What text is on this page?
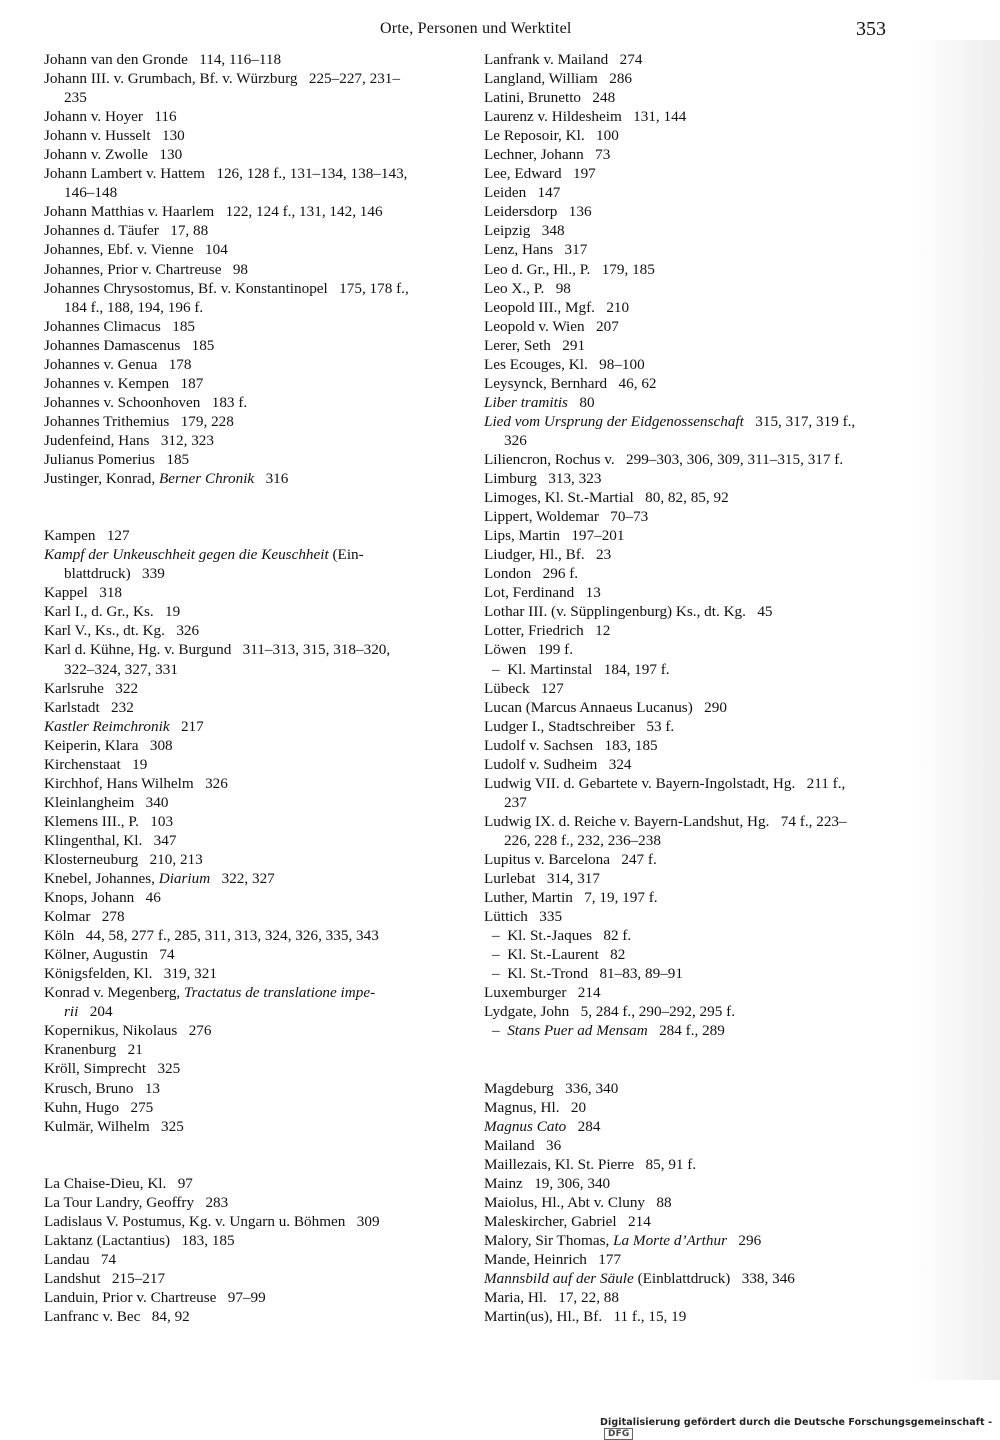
Orte, Personen und Werktitel	353
Johann van den Gronde   114, 116–118
Johann III. v. Grumbach, Bf. v. Würzburg   225–227, 231–
235
Johann v. Hoyer   116
Johann v. Husselt   130
Johann v. Zwolle   130
Johann Lambert v. Hattem   126, 128 f., 131–134, 138–143,
146–148
Johann Matthias v. Haarlem   122, 124 f., 131, 142, 146
Johannes d. Täufer   17, 88
Johannes, Ebf. v. Vienne   104
Johannes, Prior v. Chartreuse   98
Johannes Chrysostomus, Bf. v. Konstantinopel   175, 178 f.,
184 f., 188, 194, 196 f.
Johannes Climacus   185
Johannes Damascenus   185
Johannes v. Genua   178
Johannes v. Kempen   187
Johannes v. Schoonhoven   183 f.
Johannes Trithemius   179, 228
Judenfeind, Hans   312, 323
Julianus Pomerius   185
Justinger, Konrad, Berner Chronik   316
Kampen   127
Kampf der Unkeuschheit gegen die Keuschheit (Ein-
blattdruck)   339
Kappel   318
Karl I., d. Gr., Ks.   19
Karl V., Ks., dt. Kg.   326
Karl d. Kühne, Hg. v. Burgund   311–313, 315, 318–320,
322–324, 327, 331
Karlsruhe   322
Karlstadt   232
Kastler Reimchronik   217
Keiperin, Klara   308
Kirchenstaat   19
Kirchhof, Hans Wilhelm   326
Kleinlangheim   340
Klemens III., P.   103
Klingenthal, Kl.   347
Klosterneuburg   210, 213
Knebel, Johannes, Diarium   322, 327
Knops, Johann   46
Kolmar   278
Köln   44, 58, 277 f., 285, 311, 313, 324, 326, 335, 343
Kölner, Augustin   74
Königsfelden, Kl.   319, 321
Konrad v. Megenberg, Tractatus de translatione impe-
rii   204
Kopernikus, Nikolaus   276
Kranenburg   21
Kröll, Simprecht   325
Krusch, Bruno   13
Kuhn, Hugo   275
Kulmär, Wilhelm   325
La Chaise-Dieu, Kl.   97
La Tour Landry, Geoffry   283
Ladislaus V. Postumus, Kg. v. Ungarn u. Böhmen   309
Laktanz (Lactantius)   183, 185
Landau   74
Landshut   215–217
Landuin, Prior v. Chartreuse   97–99
Lanfranc v. Bec   84, 92
Lanfrank v. Mailand   274
Langland, William   286
Latini, Brunetto   248
Laurenz v. Hildesheim   131, 144
Le Reposoir, Kl.   100
Lechner, Johann   73
Lee, Edward   197
Leiden   147
Leidersdorp   136
Leipzig   348
Lenz, Hans   317
Leo d. Gr., Hl., P.   179, 185
Leo X., P.   98
Leopold III., Mgf.   210
Leopold v. Wien   207
Lerer, Seth   291
Les Ecouges, Kl.   98–100
Leysynck, Bernhard   46, 62
Liber tramitis   80
Lied vom Ursprung der Eidgenossenschaft   315, 317, 319 f.,
326
Liliencron, Rochus v.   299–303, 306, 309, 311–315, 317 f.
Limburg   313, 323
Limoges, Kl. St.-Martial   80, 82, 85, 92
Lippert, Woldemar   70–73
Lips, Martin   197–201
Liudger, Hl., Bf.   23
London   296 f.
Lot, Ferdinand   13
Lothar III. (v. Süpplingenburg) Ks., dt. Kg.   45
Lotter, Friedrich   12
Löwen   199 f.
–  Kl. Martinstal   184, 197 f.
Lübeck   127
Lucan (Marcus Annaeus Lucanus)   290
Ludger I., Stadtschreiber   53 f.
Ludolf v. Sachsen   183, 185
Ludolf v. Sudheim   324
Ludwig VII. d. Gebartete v. Bayern-Ingolstadt, Hg.   211 f.,
237
Ludwig IX. d. Reiche v. Bayern-Landshut, Hg.   74 f., 223–
226, 228 f., 232, 236–238
Lupitus v. Barcelona   247 f.
Lurlebat   314, 317
Luther, Martin   7, 19, 197 f.
Lüttich   335
–  Kl. St.-Jaques   82 f.
–  Kl. St.-Laurent   82
–  Kl. St.-Trond   81–83, 89–91
Luxemburger   214
Lydgate, John   5, 284 f., 290–292, 295 f.
–  Stans Puer ad Mensam   284 f., 289
Magdeburg   336, 340
Magnus, Hl.   20
Magnus Cato   284
Mailand   36
Maillezais, Kl. St. Pierre   85, 91 f.
Mainz   19, 306, 340
Maiolus, Hl., Abt v. Cluny   88
Maleskircher, Gabriel   214
Malory, Sir Thomas, La Morte d’Arthur   296
Mande, Heinrich   177
Mannsbild auf der Säule (Einblattdruck)   338, 346
Maria, Hl.   17, 22, 88
Martin(us), Hl., Bf.   11 f., 15, 19
Digitalisierung gefördert durch die Deutsche Forschungsgemeinschaft - DFG
